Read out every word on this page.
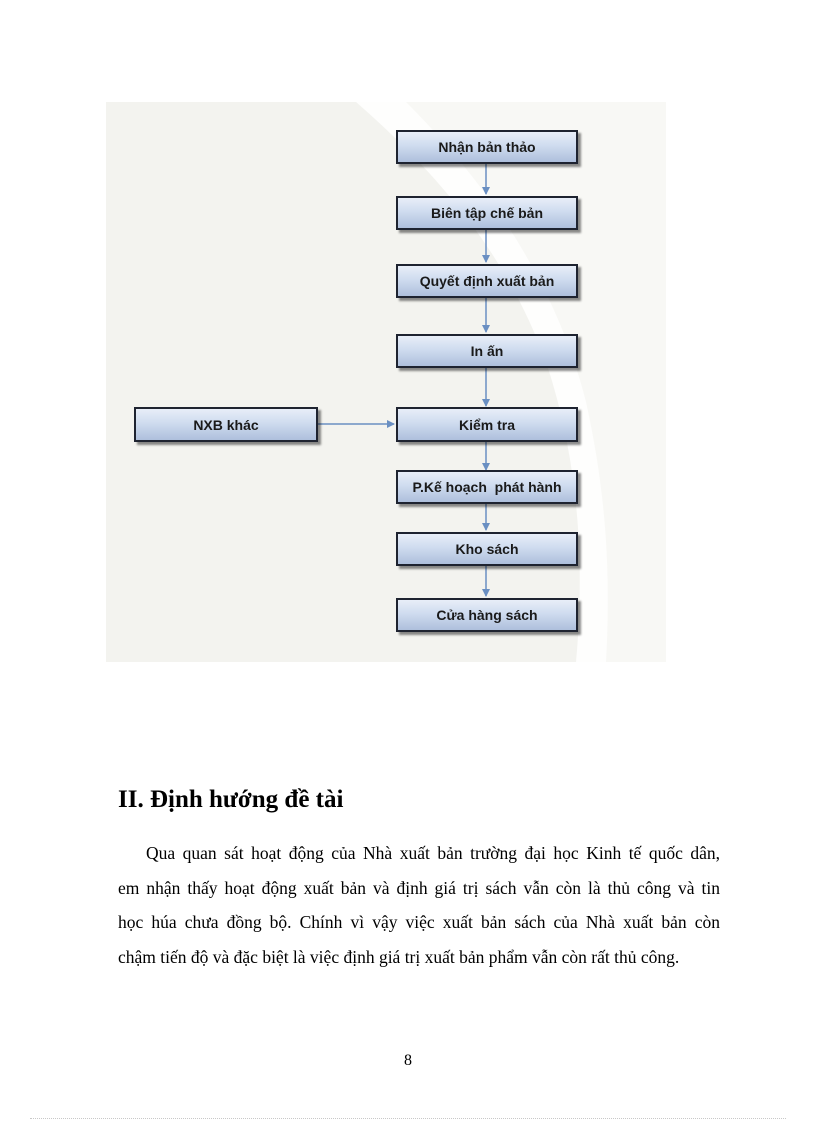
Nhận bản thảo
Biên tập chế bản
Quyết định xuất bản
In ấn
Kiểm tra
P.Kế hoạch  phát hành
Kho sách
Cửa hàng sách
NXB khác
II. Định hướng đề tài

Qua quan sát hoạt động của Nhà xuất bản trường đại học Kinh tế quốc dân,

em nhận thấy hoạt động xuất bản và định giá trị sách vẫn còn là thủ công và tin

học húa chưa đồng bộ. Chính vì vậy việc xuất bản sách của Nhà xuất bản còn

chậm tiến độ và đặc biệt là việc định giá trị xuất bản phẩm vẫn còn rất thủ công.

8
